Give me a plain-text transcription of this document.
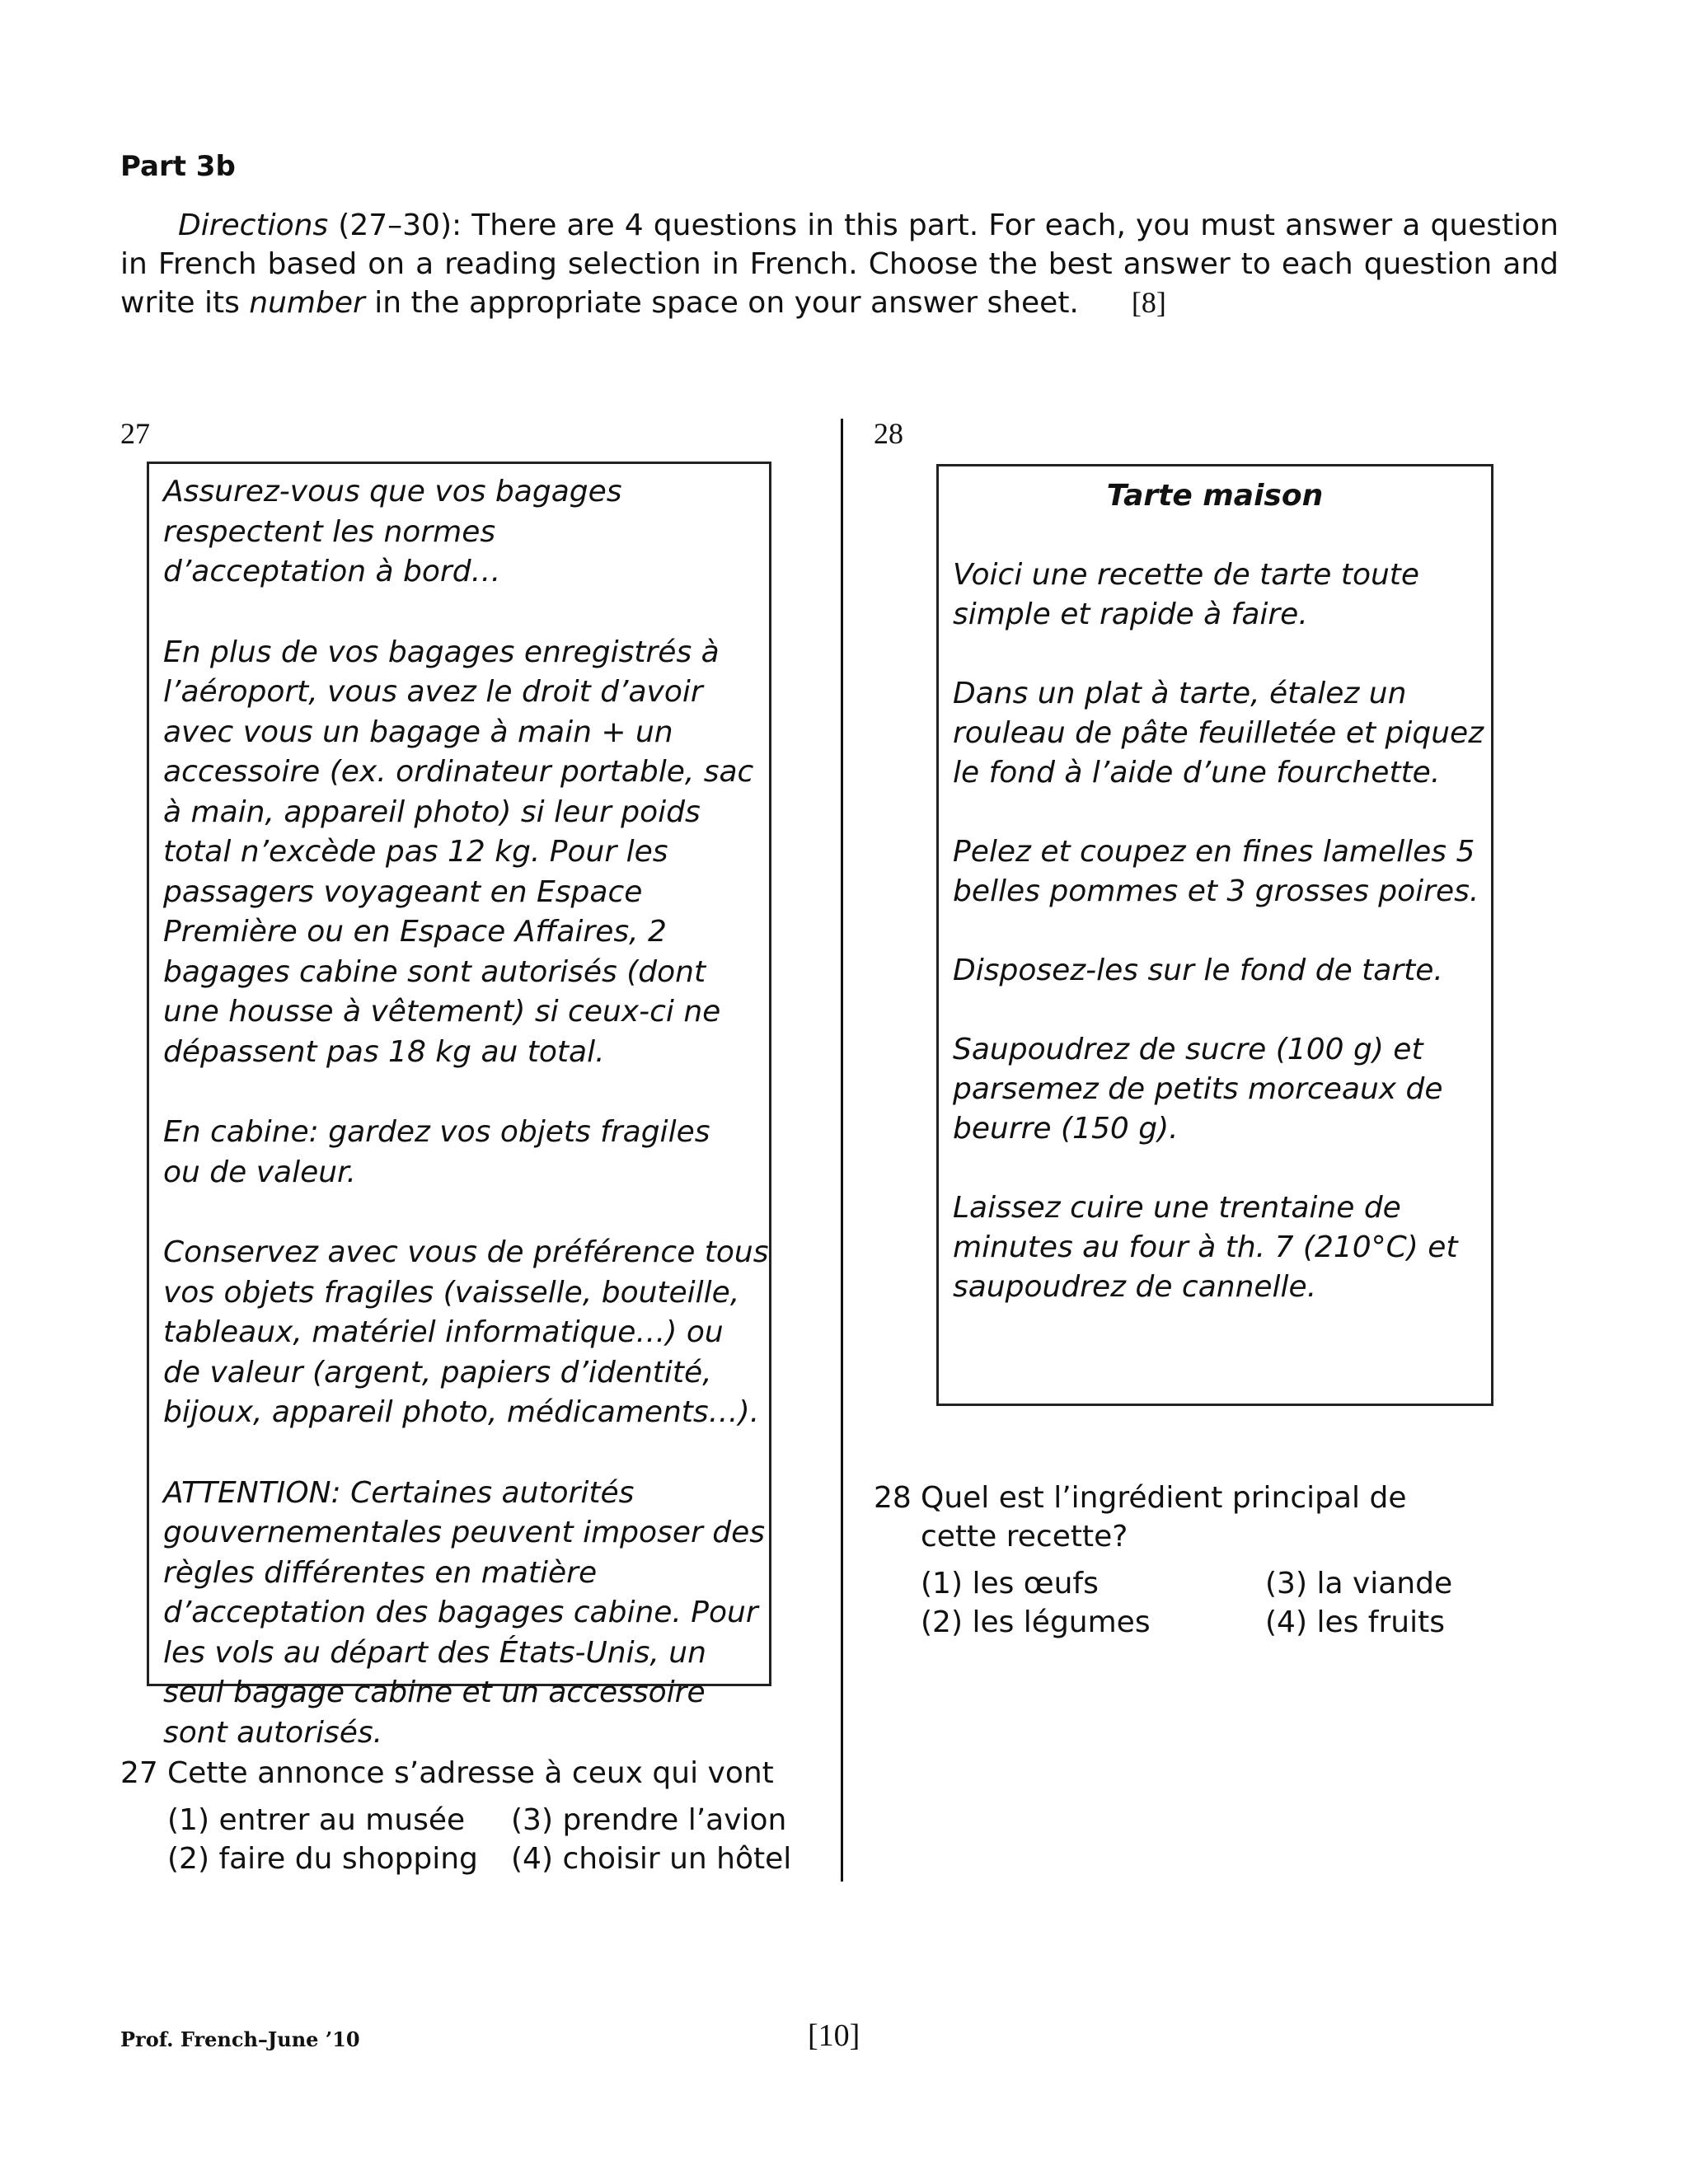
Part 3b
Directions (27–30): There are 4 questions in this part. For each, you must answer a question in French based on a reading selection in French. Choose the best answer to each question and write its number in the appropriate space on your answer sheet. [8]
27

Assurez-vous que vos bagages respectent les normes d’acceptation à bord…

En plus de vos bagages enregistrés à l’aéroport, vous avez le droit d’avoir avec vous un bagage à main + un accessoire (ex. ordinateur portable, sac à main, appareil photo) si leur poids total n’excède pas 12 kg. Pour les passagers voyageant en Espace Première ou en Espace Affaires, 2 bagages cabine sont autorisés (dont une housse à vêtement) si ceux-ci ne dépassent pas 18 kg au total.

En cabine: gardez vos objets fragiles ou de valeur.

Conservez avec vous de préférence tous vos objets fragiles (vaisselle, bouteille, tableaux, matériel informatique…) ou de valeur (argent, papiers d’identité, bijoux, appareil photo, médicaments…).

ATTENTION: Certaines autorités gouvernementales peuvent imposer des règles différentes en matière d’acceptation des bagages cabine. Pour les vols au départ des États-Unis, un seul bagage cabine et un accessoire sont autorisés.

27 Cette annonce s’adresse à ceux qui vont
(1) entrer au musée	(3) prendre l’avion
(2) faire du shopping	(4) choisir un hôtel
28
Tarte maison

Voici une recette de tarte toute simple et rapide à faire.

Dans un plat à tarte, étalez un rouleau de pâte feuilletée et piquez le fond à l’aide d’une fourchette.

Pelez et coupez en fines lamelles 5 belles pommes et 3 grosses poires.

Disposez-les sur le fond de tarte.

Saupoudrez de sucre (100 g) et parsemez de petits morceaux de beurre (150 g).

Laissez cuire une trentaine de minutes au four à th. 7 (210°C) et saupoudrez de cannelle.

28 Quel est l’ingrédient principal de cette recette?
(1) les œufs	(3) la viande
(2) les légumes	(4) les fruits
Prof. French–June ’10	[10]
